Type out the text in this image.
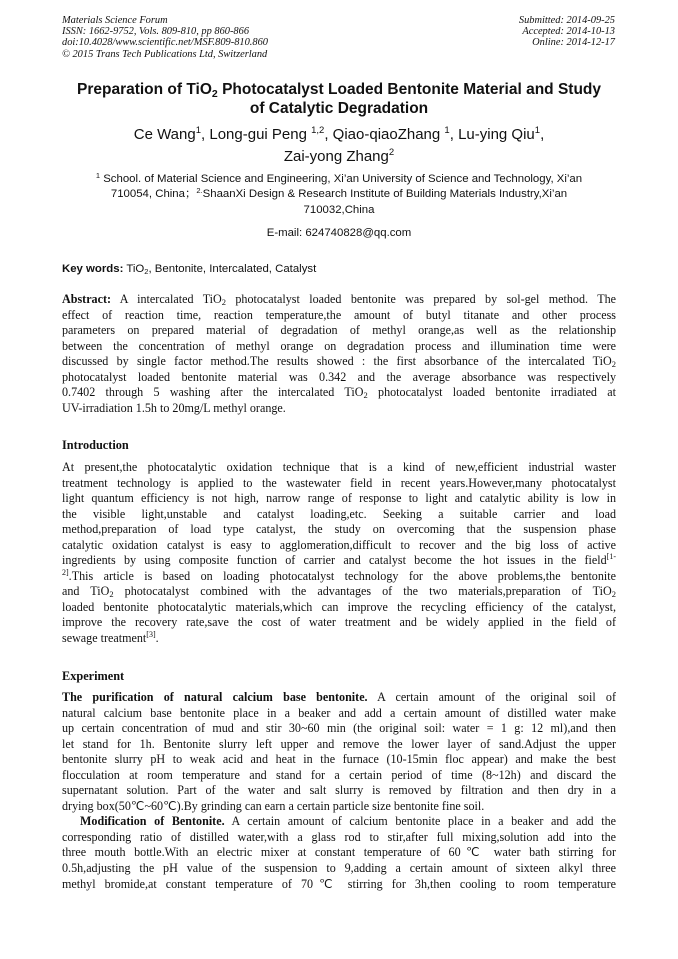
Materials Science Forum
ISSN: 1662-9752, Vols. 809-810, pp 860-866
doi:10.4028/www.scientific.net/MSF.809-810.860
© 2015 Trans Tech Publications Ltd, Switzerland
Submitted: 2014-09-25
Accepted: 2014-10-13
Online: 2014-12-17
Preparation of TiO$_2$ Photocatalyst Loaded Bentonite Material and Study
of Catalytic Degradation
Ce Wang$^1$, Long-gui Peng $^{1,2}$, Qiao-qiaoZhang $^1$, Lu-ying Qiu$^1$,
Zai-yong Zhang$^2$
$^1$ School. of Material Science and Engineering, Xi’an University of Science and Technology, Xi’an
710054, China；$^{2.}$ShaanXi Design & Research Institute of Building Materials Industry,Xi’an
710032,China
E-mail: 624740828@qq.com
Key words: TiO$_2$, Bentonite, Intercalated, Catalyst
Abstract: A intercalated TiO$_2$ photocatalyst loaded bentonite was prepared by sol-gel method. The
effect of reaction time, reaction temperature,the amount of butyl titanate and other process
parameters on prepared material of degradation of methyl orange,as well as the relationship
between the concentration of methyl orange on degradation process and illumination time were
discussed by single factor method.The results showed : the first absorbance of the intercalated TiO$_2$
photocatalyst loaded bentonite material was 0.342 and the average absorbance was respectively
0.7402 through 5 washing after the intercalated TiO$_2$ photocatalyst loaded bentonite irradiated at
UV-irradiation 1.5h to 20mg/L methyl orange.
Introduction
At present,the photocatalytic oxidation technique that is a kind of new,efficient industrial waster
treatment technology is applied to the wastewater field in recent years.However,many photocatalyst
light quantum efficiency is not high, narrow range of response to light and catalytic ability is low in
the visible light,unstable and catalyst loading,etc. Seeking a suitable carrier and load
method,preparation of load type catalyst, the study on overcoming that the suspension phase
catalytic oxidation catalyst is easy to agglomeration,difficult to recover and the big loss of active
ingredients by using composite function of carrier and catalyst become the hot issues in the field$^{[1-}$
$^{2]}$.This article is based on loading photocatalyst technology for the above problems,the bentonite
and TiO$_2$ photocatalyst combined with the advantages of the two materials,preparation of TiO$_2$
loaded bentonite photocatalytic materials,which can improve the recycling efficiency of the catalyst,
improve the recovery rate,save the cost of water treatment and be widely applied in the field of
sewage treatment[3].
Experiment
The purification of natural calcium base bentonite. A certain amount of the original soil of
natural calcium base bentonite place in a beaker and add a certain amount of distilled water make
up certain concentration of mud and stir 30~60 min (the original soil: water = 1 g: 12 ml),and then
let stand for 1h. Bentonite slurry left upper and remove the lower layer of sand.Adjust the upper
bentonite slurry pH to weak acid and heat in the furnace (10-15min floc appear) and make the best
flocculation at room temperature and stand for a certain period of time (8~12h) and discard the
supernatant solution. Part of the water and salt slurry is removed by filtration and then dry in a
drying box(50℃~60℃).By grinding can earn a certain particle size bentonite fine soil.
Modification of Bentonite. A certain amount of calcium bentonite place in a beaker and add the
corresponding ratio of distilled water,with a glass rod to stir,after full mixing,solution add into the
three mouth bottle.With an electric mixer at constant temperature of 60℃ water bath stirring for
0.5h,adjusting the pH value of the suspension to 9,adding a certain amount of sixteen alkyl three
methyl bromide,at constant temperature of 70℃ stirring for 3h,then cooling to room temperature
